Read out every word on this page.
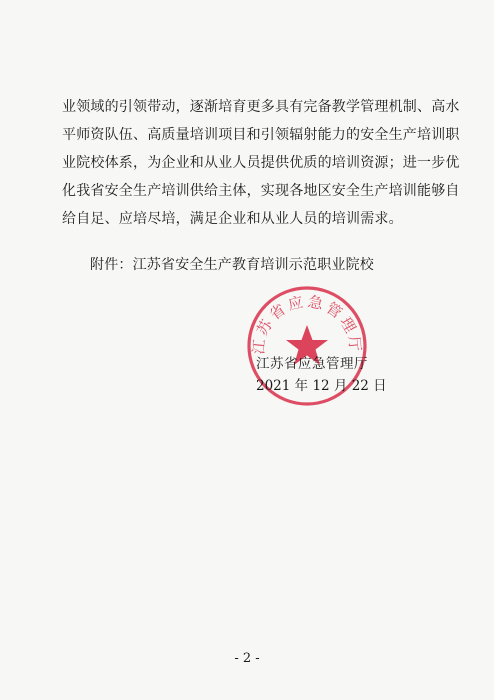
业领域的引领带动，逐渐培育更多具有完备教学管理机制、高水
平师资队伍、高质量培训项目和引领辐射能力的安全生产培训职
业院校体系，为企业和从业人员提供优质的培训资源；进一步优
化我省安全生产培训供给主体，实现各地区安全生产培训能够自
给自足、应培尽培，满足企业和从业人员的培训需求。
附件：江苏省安全生产教育培训示范职业院校
江苏省应急管理厅
江苏省应急管理厅
2021 年 12 月 22 日
- 2 -
